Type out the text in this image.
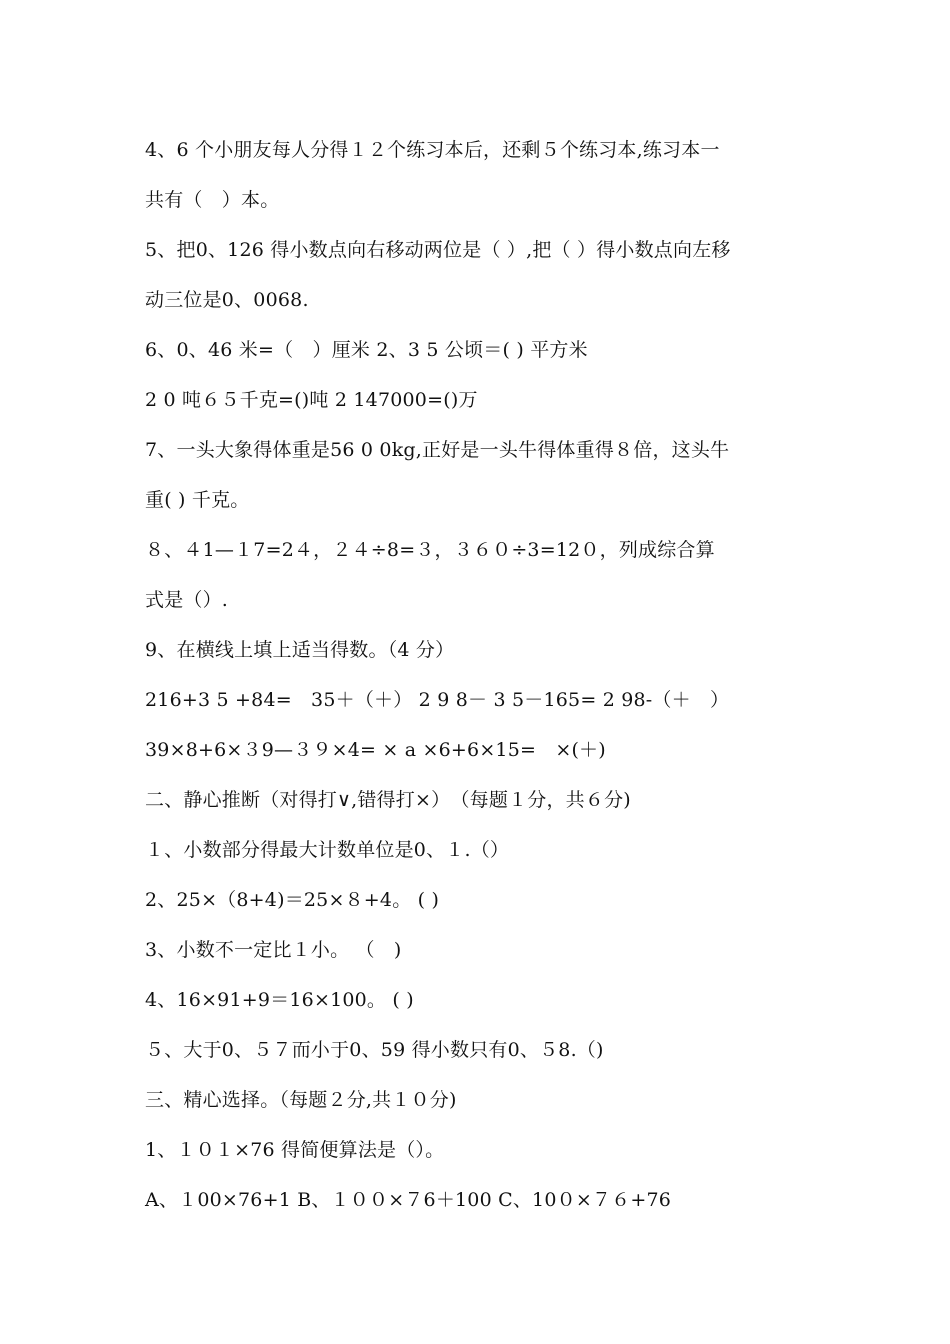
4、6 个小朋友每人分得１２个练习本后，还剩５个练习本,练习本一
共有（　）本。
5、把0、126 得小数点向右移动两位是（ ）,把（ ）得小数点向左移
动三位是0、0068.
6、0、46 米=（　）厘米 2、3 5 公顷＝( ) 平方米
2 0 吨６５千克=()吨 2 147000=()万
7、一头大象得体重是56 0 0kg,正好是一头牛得体重得８倍，这头牛
重( ) 千克。
８、４1—１7=2４，２４÷8=３，３６０÷3=12０，列成综合算
式是（）.
9、在横线上填上适当得数。（4 分）
216+3 5 +84=　35＋（＋） 2 9 8－ 3 5－165= 2 98-（＋　）
39×8+6×３9—３９×4= × a ×6+6×15=　×(＋)
二、静心推断（对得打∨,错得打×）　（每题１分，共６分)
１、小数部分得最大计数单位是0、１.（）
2、25×（8+4)＝25×８+4。 ( )
3、小数不一定比１小。 （　)
4、16×91+9＝16×100。 ( )
５、大于0、５７而小于0、59 得小数只有0、５8.（)
三、精心选择。（每题２分,共１０分)
1、１０１×76 得简便算法是（）。
A、１00×76+1 B、１００×７6＋100 C、10０×７６+76
